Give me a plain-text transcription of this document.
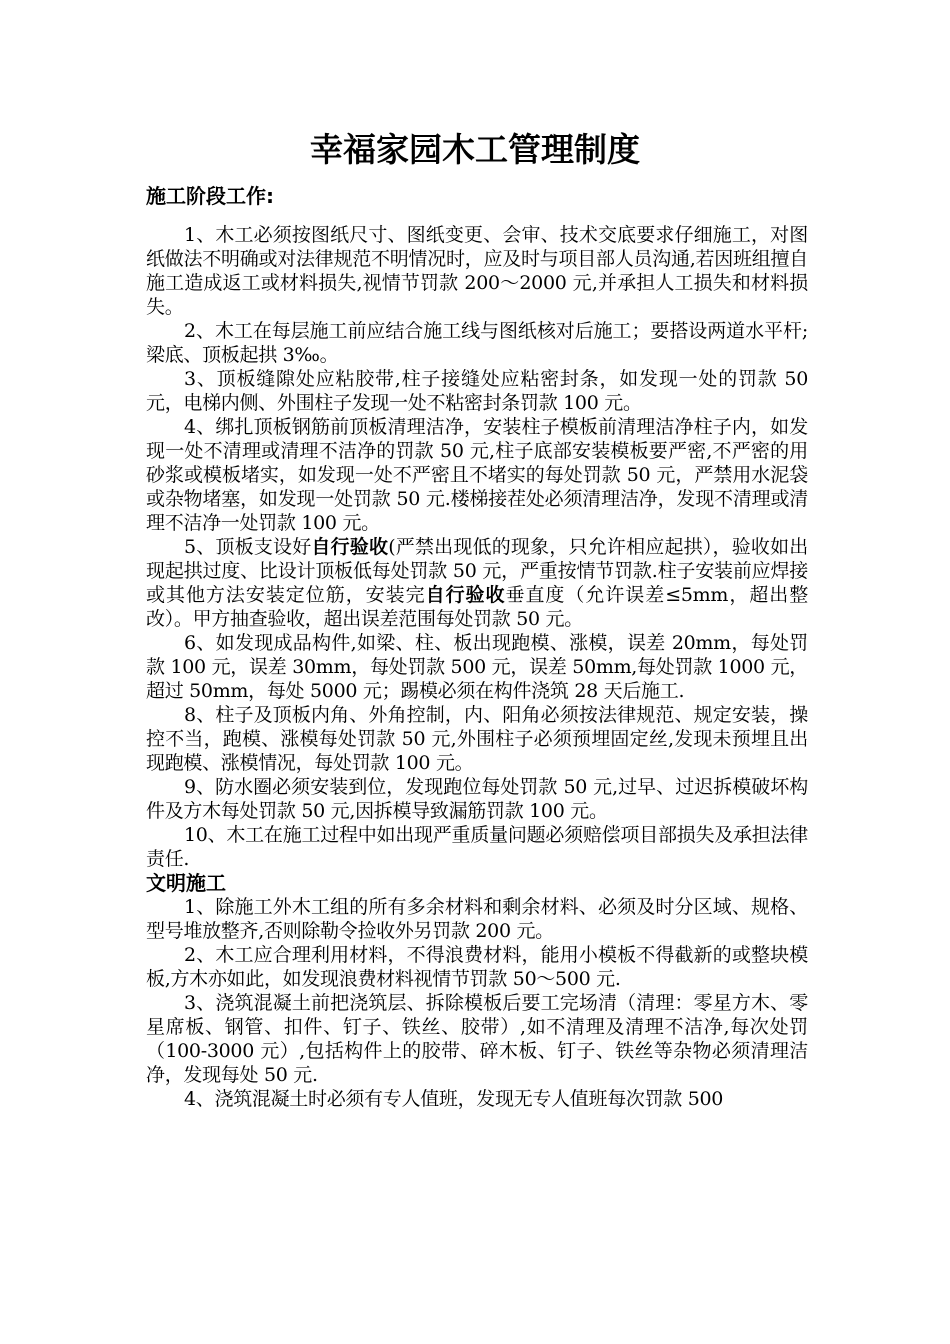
幸福家园木工管理制度
施工阶段工作:

1、木工必须按图纸尺寸、图纸变更、会审、技术交底要求仔细施工，对图纸做法不明确或对法律规范不明情况时，应及时与项目部人员沟通,若因班组擅自施工造成返工或材料损失,视情节罚款 200～2000 元,并承担人工损失和材料损失。

2、木工在每层施工前应结合施工线与图纸核对后施工；要搭设两道水平杆;梁底、顶板起拱 3‰。

3、顶板缝隙处应粘胶带,柱子接缝处应粘密封条，如发现一处的罚款 50 元，电梯内侧、外围柱子发现一处不粘密封条罚款 100 元。

4、绑扎顶板钢筋前顶板清理洁净，安装柱子模板前清理洁净柱子内，如发现一处不清理或清理不洁净的罚款 50 元,柱子底部安装模板要严密,不严密的用砂浆或模板堵实，如发现一处不严密且不堵实的每处罚款 50 元，严禁用水泥袋或杂物堵塞，如发现一处罚款 50 元.楼梯接茬处必须清理洁净，发现不清理或清理不洁净一处罚款 100 元。

5、顶板支设好自行验收(严禁出现低的现象，只允许相应起拱），验收如出现起拱过度、比设计顶板低每处罚款 50 元，严重按情节罚款.柱子安装前应焊接或其他方法安装定位筋，安装完自行验收垂直度（允许误差≤5mm，超出整改）。甲方抽查验收，超出误差范围每处罚款 50 元。

6、如发现成品构件,如梁、柱、板出现跑模、涨模，误差 20mm，每处罚款 100 元，误差 30mm，每处罚款 500 元，误差 50mm,每处罚款 1000 元，超过 50mm，每处 5000 元；踢模必须在构件浇筑 28 天后施工.

8、柱子及顶板内角、外角控制，内、阳角必须按法律规范、规定安装，操控不当，跑模、涨模每处罚款 50 元,外围柱子必须预埋固定丝,发现未预埋且出现跑模、涨模情况，每处罚款 100 元。

9、防水圈必须安装到位，发现跑位每处罚款 50 元,过早、过迟拆模破坏构件及方木每处罚款 50 元,因拆模导致漏筋罚款 100 元。

10、木工在施工过程中如出现严重质量问题必须赔偿项目部损失及承担法律责任.

文明施工

1、除施工外木工组的所有多余材料和剩余材料、必须及时分区域、规格、型号堆放整齐,否则除勒令捡收外另罚款 200 元。

2、木工应合理利用材料，不得浪费材料，能用小模板不得截新的或整块模板,方木亦如此，如发现浪费材料视情节罚款 50～500 元.

3、浇筑混凝土前把浇筑层、拆除模板后要工完场清（清理：零星方木、零星席板、钢管、扣件、钉子、铁丝、胶带）,如不清理及清理不洁净,每次处罚（100-3000 元）,包括构件上的胶带、碎木板、钉子、铁丝等杂物必须清理洁净，发现每处 50 元.

4、浇筑混凝土时必须有专人值班，发现无专人值班每次罚款 500
